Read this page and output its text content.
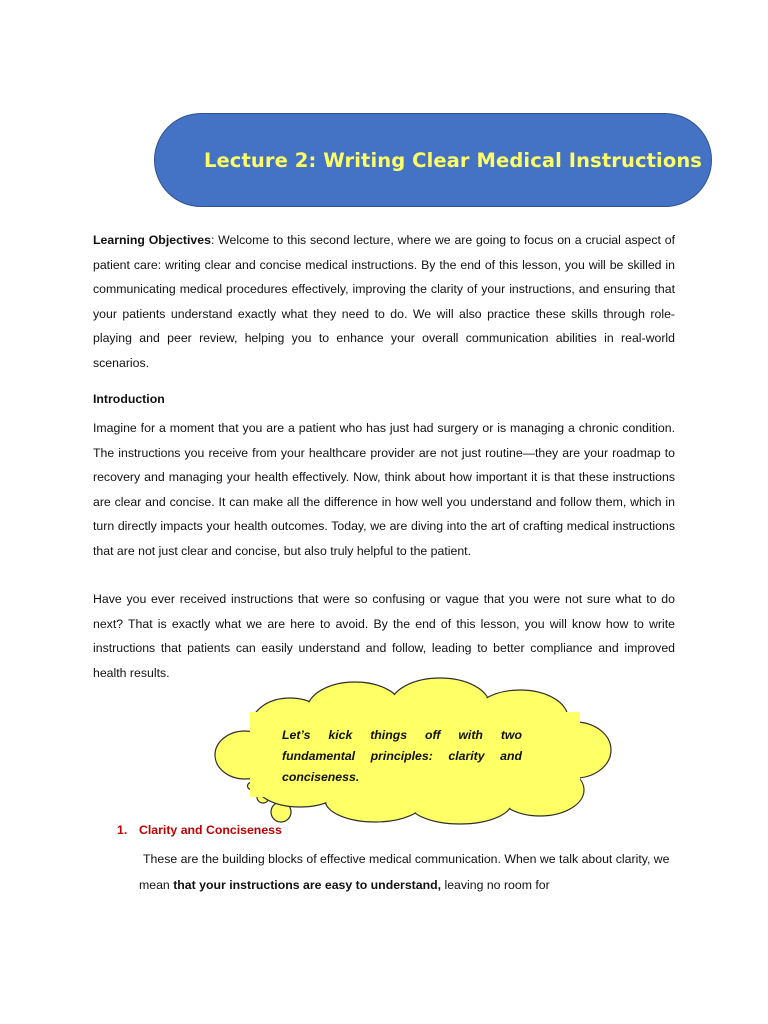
Lecture 2: Writing Clear Medical Instructions

Learning Objectives: Welcome to this second lecture, where we are going to focus on a crucial aspect of patient care: writing clear and concise medical instructions. By the end of this lesson, you will be skilled in communicating medical procedures effectively, improving the clarity of your instructions, and ensuring that your patients understand exactly what they need to do. We will also practice these skills through role-playing and peer review, helping you to enhance your overall communication abilities in real-world scenarios.

Introduction

Imagine for a moment that you are a patient who has just had surgery or is managing a chronic condition. The instructions you receive from your healthcare provider are not just routine—they are your roadmap to recovery and managing your health effectively. Now, think about how important it is that these instructions are clear and concise. It can make all the difference in how well you understand and follow them, which in turn directly impacts your health outcomes. Today, we are diving into the art of crafting medical instructions that are not just clear and concise, but also truly helpful to the patient.

Have you ever received instructions that were so confusing or vague that you were not sure what to do next? That is exactly what we are here to avoid. By the end of this lesson, you will know how to write instructions that patients can easily understand and follow, leading to better compliance and improved health results.

Let’s kick things off with two fundamental principles: clarity and conciseness.

1. Clarity and Conciseness

These are the building blocks of effective medical communication. When we talk about clarity, we mean that your instructions are easy to understand, leaving no room for
